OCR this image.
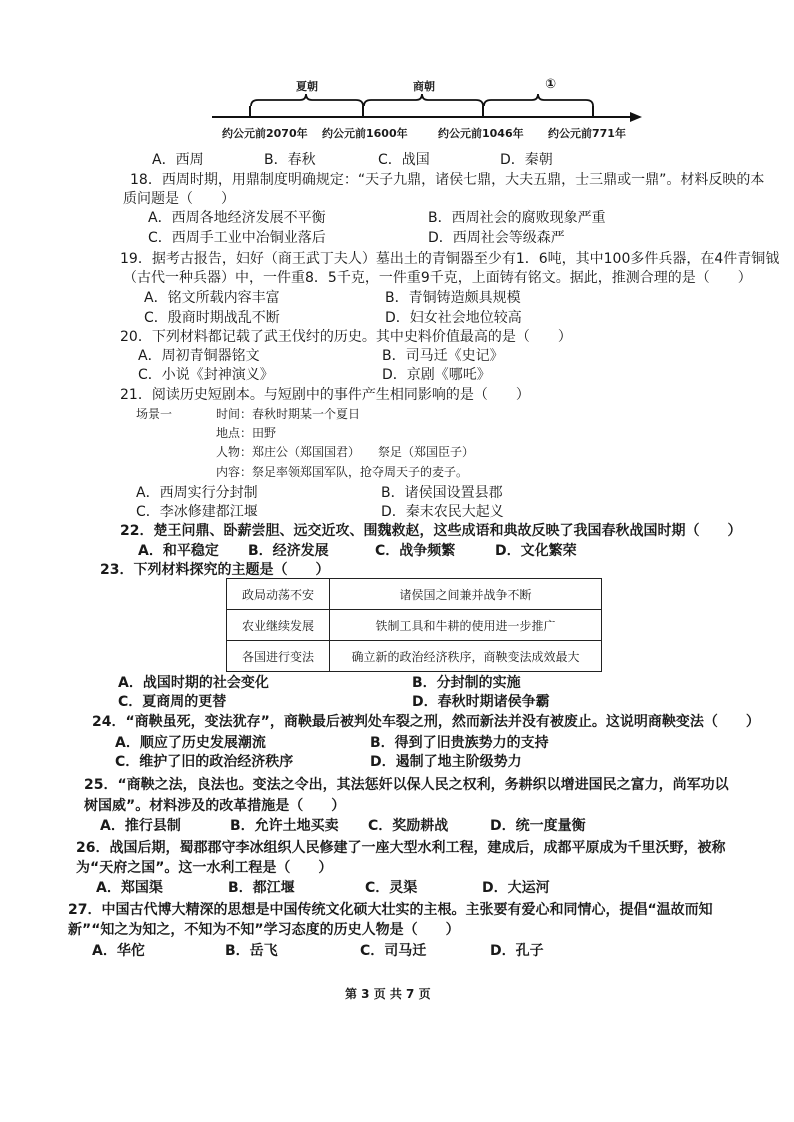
夏朝	商朝	①
约公元前2070年 约公元前1600年	约公元前1046年 约公元前771年
A．西周	B．春秋	C．战国	D．秦朝
18．西周时期，用鼎制度明确规定：“天子九鼎，诸侯七鼎，大夫五鼎，士三鼎或一鼎”。材料反映的本
质问题是（　　）
A．西周各地经济发展不平衡	B．西周社会的腐败现象严重
C．西周手工业中冶铜业落后	D．西周社会等级森严
19．据考古报告，妇好（商王武丁夫人）墓出土的青铜器至少有1．6吨，其中100多件兵器，在4件青铜钺
（古代一种兵器）中，一件重8．5千克，一件重9千克，上面铸有铭文。据此，推测合理的是（　　）
A．铭文所载内容丰富	B．青铜铸造颇具规模
C．殷商时期战乱不断	D．妇女社会地位较高
20．下列材料都记载了武王伐纣的历史。其中史料价值最高的是（　　）
A．周初青铜器铭文	B．司马迁《史记》
C．小说《封神演义》	D．京剧《哪吒》
21．阅读历史短剧本。与短剧中的事件产生相同影响的是（　　）
场景一	时间：春秋时期某一个夏日
地点：田野
人物：郑庄公（郑国国君）　　祭足（郑国臣子）
内容：祭足率领郑国军队，抢夺周天子的麦子。
A．西周实行分封制	B．诸侯国设置县郡
C．李冰修建都江堰	D．秦末农民大起义
22．楚王问鼎、卧薪尝胆、远交近攻、围魏救赵，这些成语和典故反映了我国春秋战国时期（　　）
A．和平稳定 B．经济发展	C．战争频繁	D．文化繁荣
23．下列材料探究的主题是（　　）
政局动荡不安	诸侯国之间兼并战争不断
农业继续发展	铁制工具和牛耕的使用进一步推广
各国进行变法	确立新的政治经济秩序，商鞅变法成效最大
A．战国时期的社会变化	B．分封制的实施
C．夏商周的更替	D．春秋时期诸侯争霸
24．“商鞅虽死，变法犹存”，商鞅最后被判处车裂之刑，然而新法并没有被废止。这说明商鞅变法（　　）
A．顺应了历史发展潮流	B．得到了旧贵族势力的支持
C．维护了旧的政治经济秩序	D．遏制了地主阶级势力
25．“商鞅之法，良法也。变法之令出，其法惩奸以保人民之权利，务耕织以增进国民之富力，尚军功以
树国威”。材料涉及的改革措施是（　　）
A．推行县制	B．允许土地买卖 C．奖励耕战	D．统一度量衡
26．战国后期，蜀郡郡守李冰组织人民修建了一座大型水利工程，建成后，成都平原成为千里沃野，被称
为“天府之国”。这一水利工程是（　　）
A．郑国渠	B．都江堰	C．灵渠	D．大运河
27．中国古代博大精深的思想是中国传统文化硕大壮实的主根。主张要有爱心和同情心，提倡“温故而知
新”“知之为知之，不知为不知”学习态度的历史人物是（　　）
A．华佗	B．岳飞	C．司马迁	D．孔子
第 3 页 共 7 页
